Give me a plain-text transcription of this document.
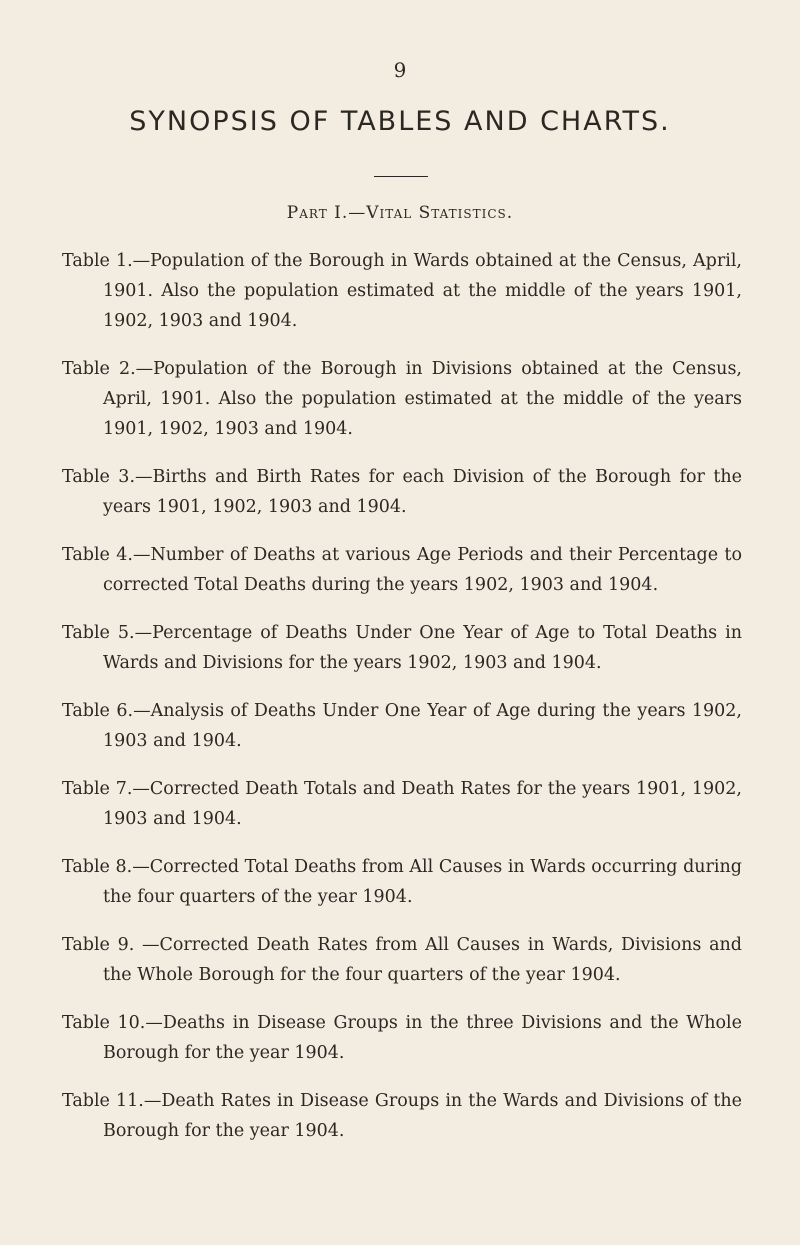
9
SYNOPSIS OF TABLES AND CHARTS.
Part I.—Vital Statistics.

Table 1.—Population of the Borough in Wards obtained at the Census, April, 1901. Also the population estimated at the middle of the years 1901, 1902, 1903 and 1904.

Table 2.—Population of the Borough in Divisions obtained at the Census, April, 1901. Also the population estimated at the middle of the years 1901, 1902, 1903 and 1904.

Table 3.—Births and Birth Rates for each Division of the Borough for the years 1901, 1902, 1903 and 1904.

Table 4.—Number of Deaths at various Age Periods and their Percentage to corrected Total Deaths during the years 1902, 1903 and 1904.

Table 5.—Percentage of Deaths Under One Year of Age to Total Deaths in Wards and Divisions for the years 1902, 1903 and 1904.

Table 6.—Analysis of Deaths Under One Year of Age during the years 1902, 1903 and 1904.

Table 7.—Corrected Death Totals and Death Rates for the years 1901, 1902, 1903 and 1904.

Table 8.—Corrected Total Deaths from All Causes in Wards occurring during the four quarters of the year 1904.

Table 9. —Corrected Death Rates from All Causes in Wards, Divisions and the Whole Borough for the four quarters of the year 1904.

Table 10.—Deaths in Disease Groups in the three Divisions and the Whole Borough for the year 1904.

Table 11.—Death Rates in Disease Groups in the Wards and Divisions of the Borough for the year 1904.
